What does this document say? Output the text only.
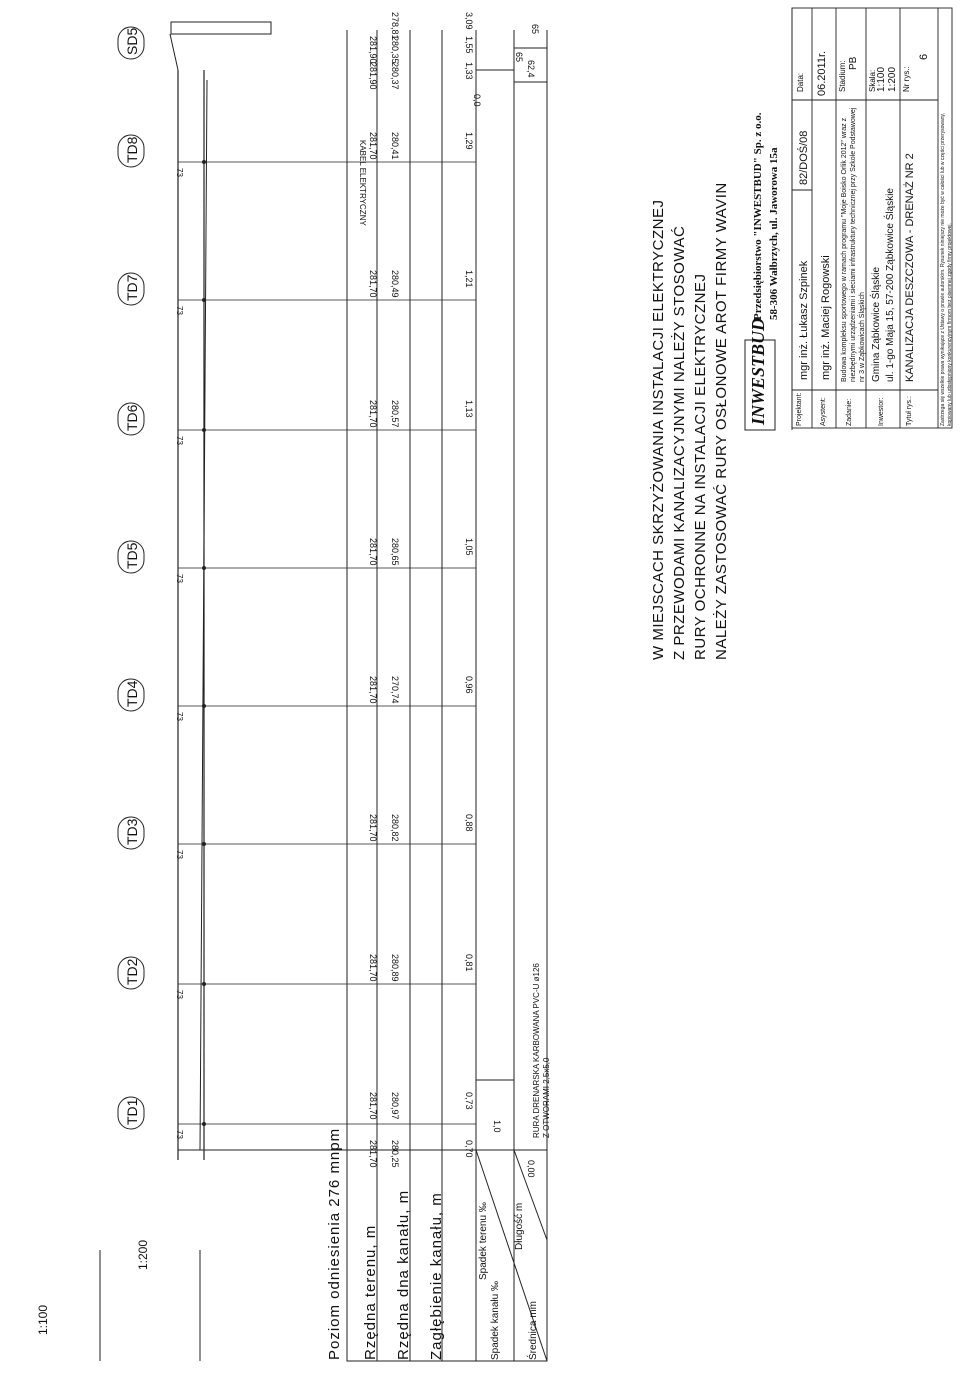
1:100
1:200	Poziom odniesienia 276 mnpm Rzędna terenu, m Rzędna dna kanału, m Zagłębienie kanału, m	Spadek terenu ‰
Spadek kanału ‰
Długość m
Średnica mm
TD1
73
TD2
73
TD3
73
TD4
73
TD5
73
TD6
73
TD7
73
TD8
73
SD5
281,70
281,70
281,70
281,70
281,70
281,70
281,70
281,70
281,70
281,90
281,90
280,25
280,97
280,89
280,82
270,74
280,65
280,57
280,49
280,41
280,37
280,35
278,81
0,70
0,73
0,81
0,88
0,96
1,05
1,13
1,21
1,29
1,33
1,55
3,09
1,0
0,0
0,00
62,4
65
65
KABEL ELEKTRYCZNY
RURA DRENARSKA KARBOWANA PVC-U ø126 Z OTWORAMI 2,5x5,0
W MIEJSCACH SKRZYŻOWANIA INSTALACJI ELEKTRYCZNEJ Z PRZEWODAMI KANALIZACYJNYMI NALEŻY STOSOWAĆ RURY OCHRONNE NA INSTALACJI ELEKTRYCZNEJ NALEŻY ZASTOSOWAĆ RURY OSŁONOWE AROT FIRMY WAVIN INWESTBUD
Przedsiębiorstwo "INWESTBUD" Sp. z o.o. 58-306 Wałbrzych, ul. Jaworowa 15a
Projektant:
mgr inż. Łukasz Szpinek
82/DOŚ/08
Asystent:
mgr inż. Maciej Rogowski
Zadanie:
Budowa kompleksu sportowego w ramach programu "Moje Boisko Orlik 2012" wraz z niezbędnymi urządzeniami i sieciami infrastruktury technicznej przy Szkole Podstawowej nr 3 w Ząbkowicach Śląskich
Inwestor:
Gmina Ząbkowice Śląskie ul. 1-go Maja 15, 57-200 Ząbkowice Śląskie
Tytuł rys.:
KANALIZACJA DESZCZOWA - DRENAŻ NR 2
Data: 06.2011r. Stadium: PB
Skala: 1:100 1:200 Nr rys.:
6
Zastrzega się wszelkie prawa wynikające z Ustawy o prawie autorskim. Rysunek niniejszy nie może być w całości lub w części przerysowany, kopiowany lub udostępniony konkurencyjnym firmom bez pisemnej zgody firmy projektowej.
